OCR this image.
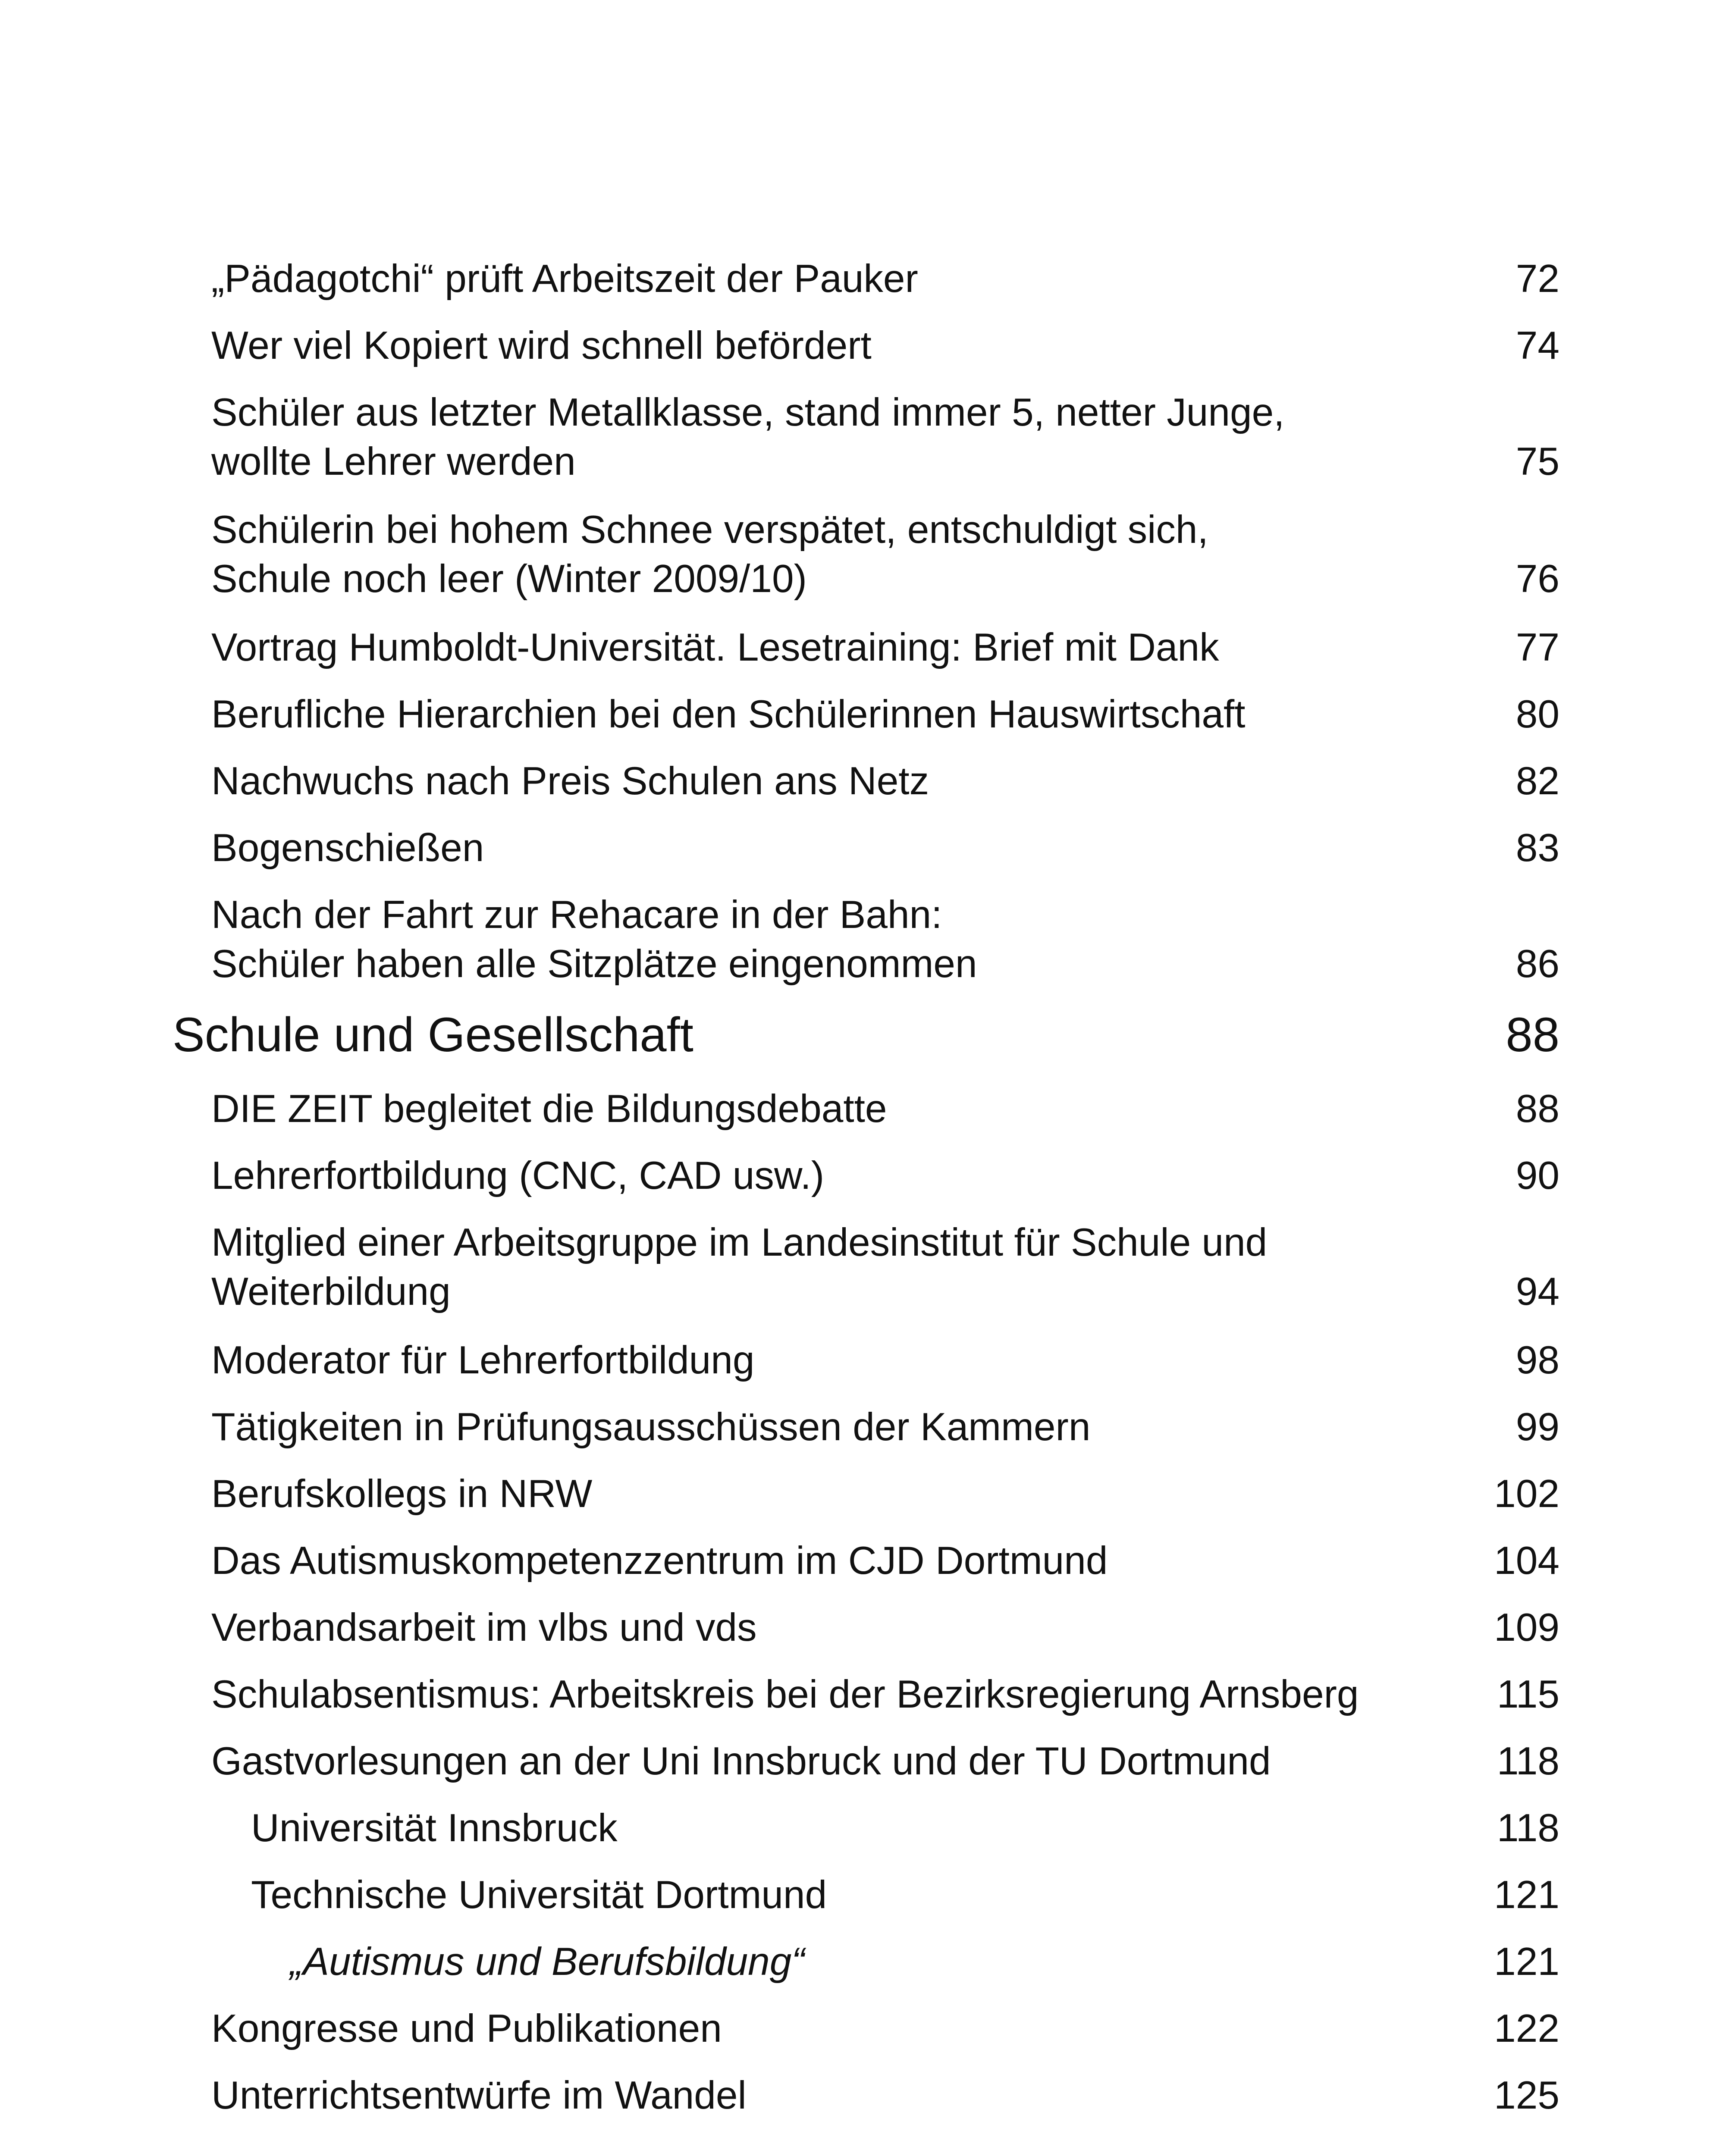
„Pädagotchi“ prüft Arbeitszeit der Pauker	72
Wer viel Kopiert wird schnell befördert	74
Schüler aus letzter Metallklasse, stand immer 5, netter Junge,
wollte Lehrer werden	75
Schülerin bei hohem Schnee verspätet, entschuldigt sich,
Schule noch leer (Winter 2009/10)	76
Vortrag Humboldt-Universität. Lesetraining: Brief mit Dank	77
Berufliche Hierarchien bei den Schülerinnen Hauswirtschaft	80
Nachwuchs nach Preis Schulen ans Netz	82
Bogenschießen	83
Nach der Fahrt zur Rehacare in der Bahn:
Schüler haben alle Sitzplätze eingenommen	86
Schule und Gesellschaft	88
DIE ZEIT begleitet die Bildungsdebatte	88
Lehrerfortbildung (CNC, CAD usw.)	90
Mitglied einer Arbeitsgruppe im Landesinstitut für Schule und
Weiterbildung	94
Moderator für Lehrerfortbildung	98
Tätigkeiten in Prüfungsausschüssen der Kammern	99
Berufskollegs in NRW	102
Das Autismuskompetenzzentrum im CJD Dortmund	104
Verbandsarbeit im vlbs und vds	109
Schulabsentismus: Arbeitskreis bei der Bezirksregierung Arnsberg	115
Gastvorlesungen an der Uni Innsbruck und der TU Dortmund	118
Universität Innsbruck	118
Technische Universität Dortmund	121
„Autismus und Berufsbildung“	121
Kongresse und Publikationen	122
Unterrichtsentwürfe im Wandel	125
